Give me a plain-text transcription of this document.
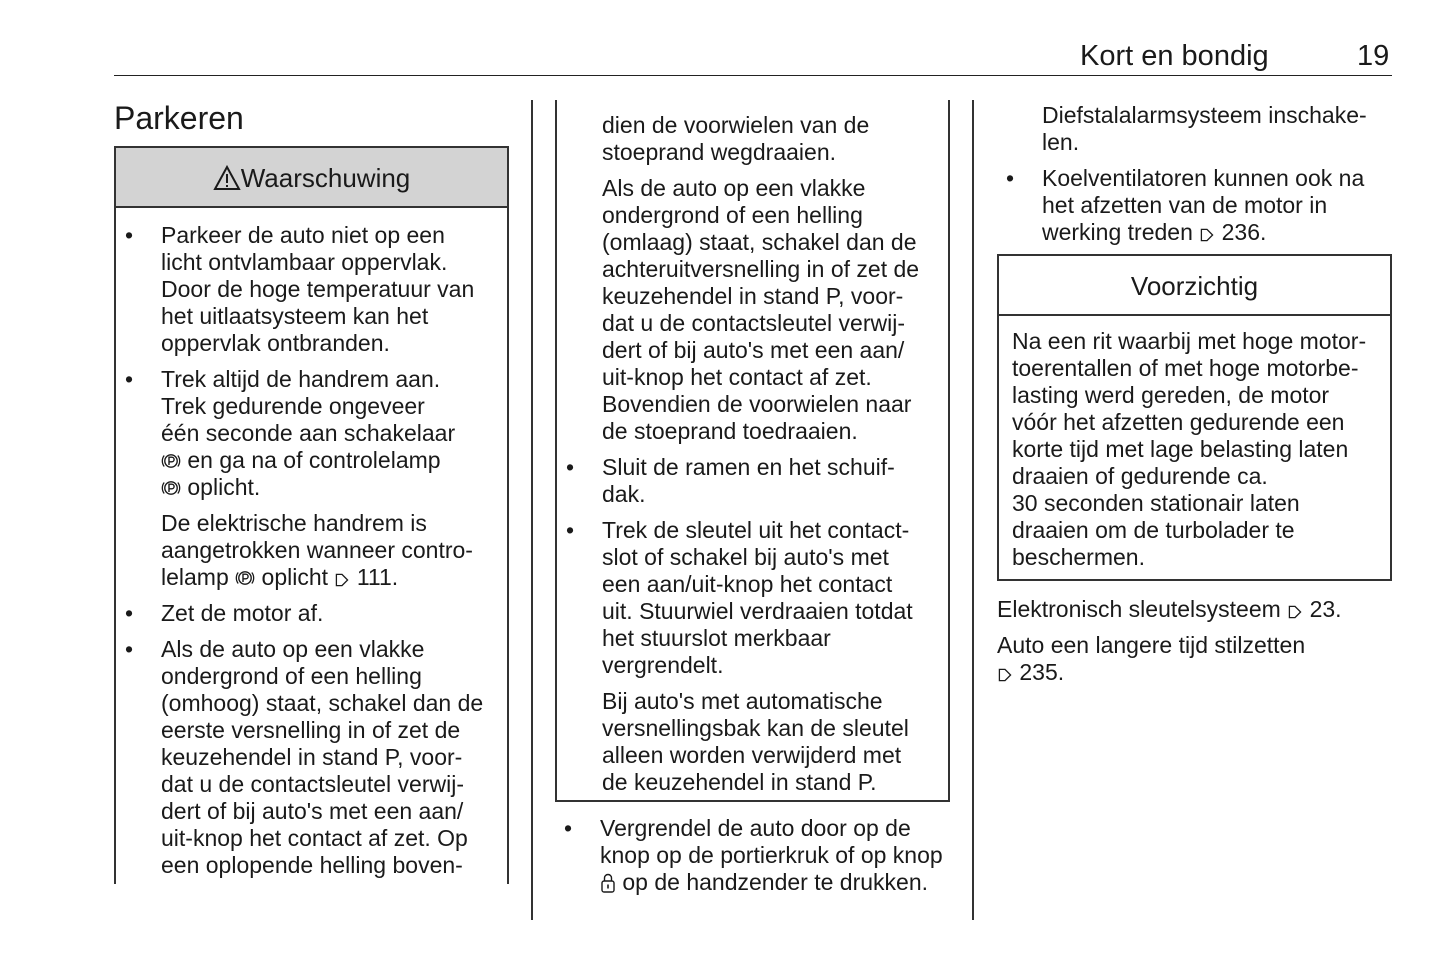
Kort en bondig	19
Parkeren
Waarschuwing
• Parkeer de auto niet op een
licht ontvlambaar oppervlak.
Door de hoge temperatuur van
het uitlaatsysteem kan het
oppervlak ontbranden.
• Trek altijd de handrem aan.
Trek gedurende ongeveer
één seconde aan schakelaar
en ga na of controlelamp
oplicht.
De elektrische handrem is
aangetrokken wanneer contro-
lelamp oplicht 111.
• Zet de motor af.
• Als de auto op een vlakke
ondergrond of een helling
(omhoog) staat, schakel dan de
eerste versnelling in of zet de
keuzehendel in stand P, voor-
dat u de contactsleutel verwij-
dert of bij auto's met een aan/
uit-knop het contact af zet. Op
een oplopende helling boven-
dien de voorwielen van de
stoeprand wegdraaien.
Als de auto op een vlakke
ondergrond of een helling
(omlaag) staat, schakel dan de
achteruitversnelling in of zet de
keuzehendel in stand P, voor-
dat u de contactsleutel verwij-
dert of bij auto's met een aan/
uit-knop het contact af zet.
Bovendien de voorwielen naar
de stoeprand toedraaien.
• Sluit de ramen en het schuif-
dak.
• Trek de sleutel uit het contact-
slot of schakel bij auto's met
een aan/uit-knop het contact
uit. Stuurwiel verdraaien totdat
het stuurslot merkbaar
vergrendelt.
Bij auto's met automatische
versnellingsbak kan de sleutel
alleen worden verwijderd met
de keuzehendel in stand P.
• Vergrendel de auto door op de
knop op de portierkruk of op knop
op de handzender te drukken.
Diefstalalarmsysteem inschake-
len.
• Koelventilatoren kunnen ook na
het afzetten van de motor in
werking treden 236.
Voorzichtig
Na een rit waarbij met hoge motor-
toerentallen of met hoge motorbe-
lasting werd gereden, de motor
vóór het afzetten gedurende een
korte tijd met lage belasting laten
draaien of gedurende ca.
30 seconden stationair laten
draaien om de turbolader te
beschermen.
Elektronisch sleutelsysteem 23.
Auto een langere tijd stilzetten
235.
